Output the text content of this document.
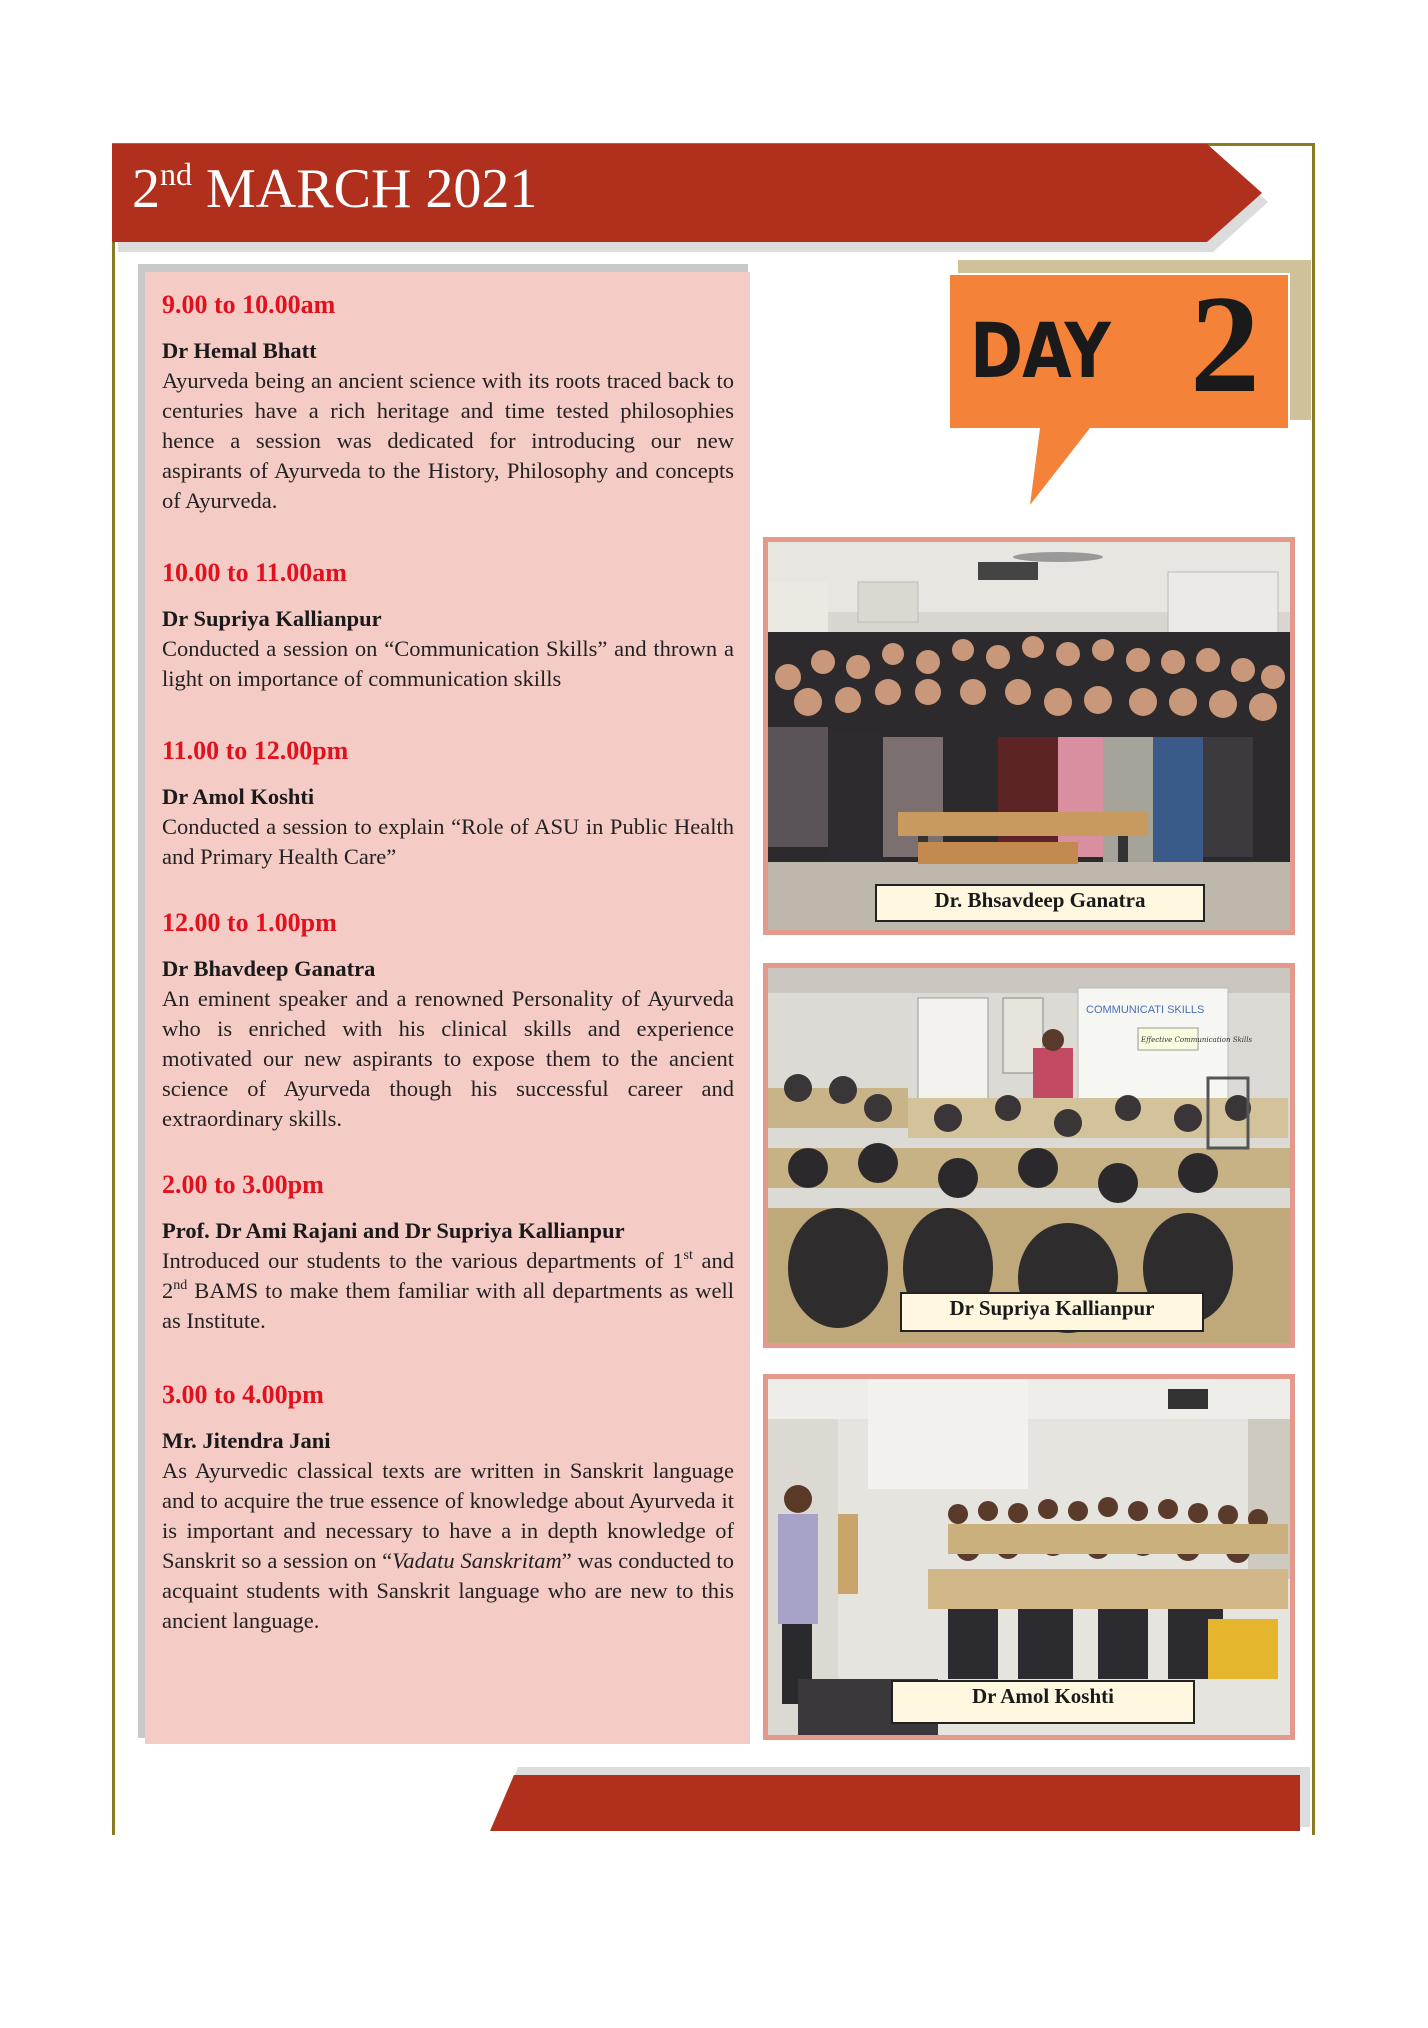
2nd MARCH 2021
DAY 2

9.00 to 10.00am

Dr Hemal Bhatt

Ayurveda being an ancient science with its roots traced back to centuries have a rich heritage and time tested philosophies hence a session was dedicated for introducing our new aspirants of Ayurveda to the History, Philosophy and concepts of Ayurveda.

10.00 to 11.00am

Dr Supriya Kallianpur

Conducted a session on “Communication Skills” and thrown a light on importance of communication skills

11.00 to 12.00pm

Dr Amol Koshti

Conducted a session to explain “Role of ASU in Public Health and Primary Health Care”

12.00 to 1.00pm

Dr Bhavdeep Ganatra

An eminent speaker and a renowned Personality of Ayurveda who is enriched with his clinical skills and experience motivated our new aspirants to expose them to the ancient science of Ayurveda though his successful career and extraordinary skills.

2.00 to 3.00pm

Prof. Dr Ami Rajani and Dr Supriya Kallianpur

Introduced our students to the various departments of 1st and 2nd BAMS to make them familiar with all departments as well as Institute.

3.00 to 4.00pm

Mr. Jitendra Jani

As Ayurvedic classical texts are written in Sanskrit language and to acquire the true essence of knowledge about Ayurveda it is important and necessary to have a in depth knowledge of Sanskrit so a session on “Vadatu Sanskritam” was conducted to acquaint students with Sanskrit language who are new to this ancient language.

Dr. Bhsavdeep Ganatra
COMMUNICATI SKILLS
Effective Communication Skills
Dr Supriya Kallianpur
Dr Amol Koshti
